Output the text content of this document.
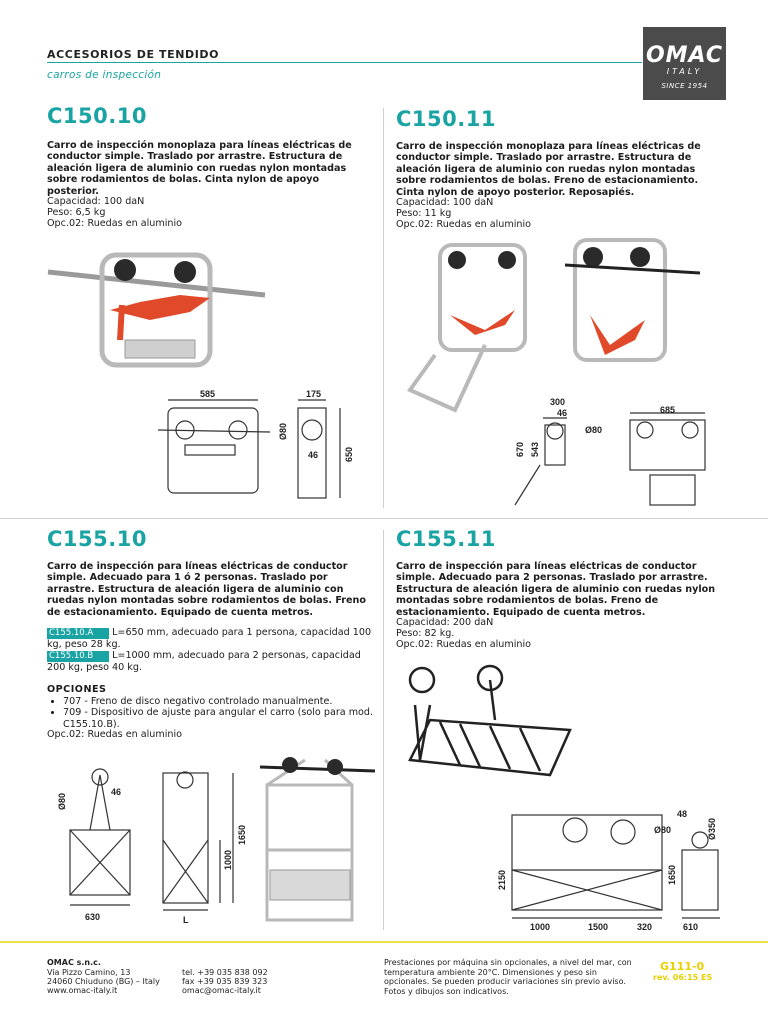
ACCESORIOS DE TENDIDO
carros de inspección
OMAC
ITALY
SINCE 1954
C150.10
Carro de inspección monoplaza para líneas eléctricas de conductor simple. Traslado por arrastre. Estructura de aleación ligera de aluminio con ruedas nylon montadas sobre rodamientos de bolas. Cinta nylon de apoyo posterior.
Capacidad: 100 daN
Peso: 6,5 kg
Opc.02: Ruedas en aluminio
585	175
Ø80
46	650
C150.11
Carro de inspección monoplaza para líneas eléctricas de conductor simple. Traslado por arrastre. Estructura de aleación ligera de aluminio con ruedas nylon montadas sobre rodamientos de bolas. Freno de estacionamiento. Cinta nylon de apoyo posterior. Reposapiés.
Capacidad: 100 daN
Peso: 11 kg
Opc.02: Ruedas en aluminio
300
46
Ø80
685
670 543
C155.10
Carro de inspección para líneas eléctricas de conductor simple. Adecuado para 1 ó 2 personas. Traslado por arrastre. Estructura de aleación ligera de aluminio con ruedas nylon montadas sobre rodamientos de bolas. Freno de estacionamiento. Equipado de cuenta metros.
C155.10.A L=650 mm, adecuado para 1 persona, capacidad 100 kg, peso 28 kg.
C155.10.B L=1000 mm, adecuado para 2 personas, capacidad 200 kg, peso 40 kg.
OPCIONES
• 707 - Freno de disco negativo controlado manualmente.
• 709 - Dispositivo de ajuste para angular el carro (solo para mod. C155.10.B).
Opc.02: Ruedas en aluminio
Ø80
46
630
1000
1650
L
C155.11
Carro de inspección para líneas eléctricas de conductor simple. Adecuado para 2 personas. Traslado por arrastre. Estructura de aleación ligera de aluminio con ruedas nylon montadas sobre rodamientos de bolas. Freno de estacionamiento. Equipado de cuenta metros.
Capacidad: 200 daN
Peso: 82 kg.
Opc.02: Ruedas en aluminio
48
Ø80	Ø350
2150	1650
1000	1500	320	610
OMAC s.n.c.
Via Pizzo Camino, 13
24060 Chiuduno (BG) – Italy
www.omac-italy.it
tel. +39 035 838 092
fax +39 035 839 323
omac@omac-italy.it
Prestaciones por máquina sin opcionales, a nivel del mar, con temperatura ambiente 20°C. Dimensiones y peso sin opcionales. Se pueden producir variaciones sin previo aviso. Fotos y dibujos son indicativos.
G111-0
rev. 06:15 ES
